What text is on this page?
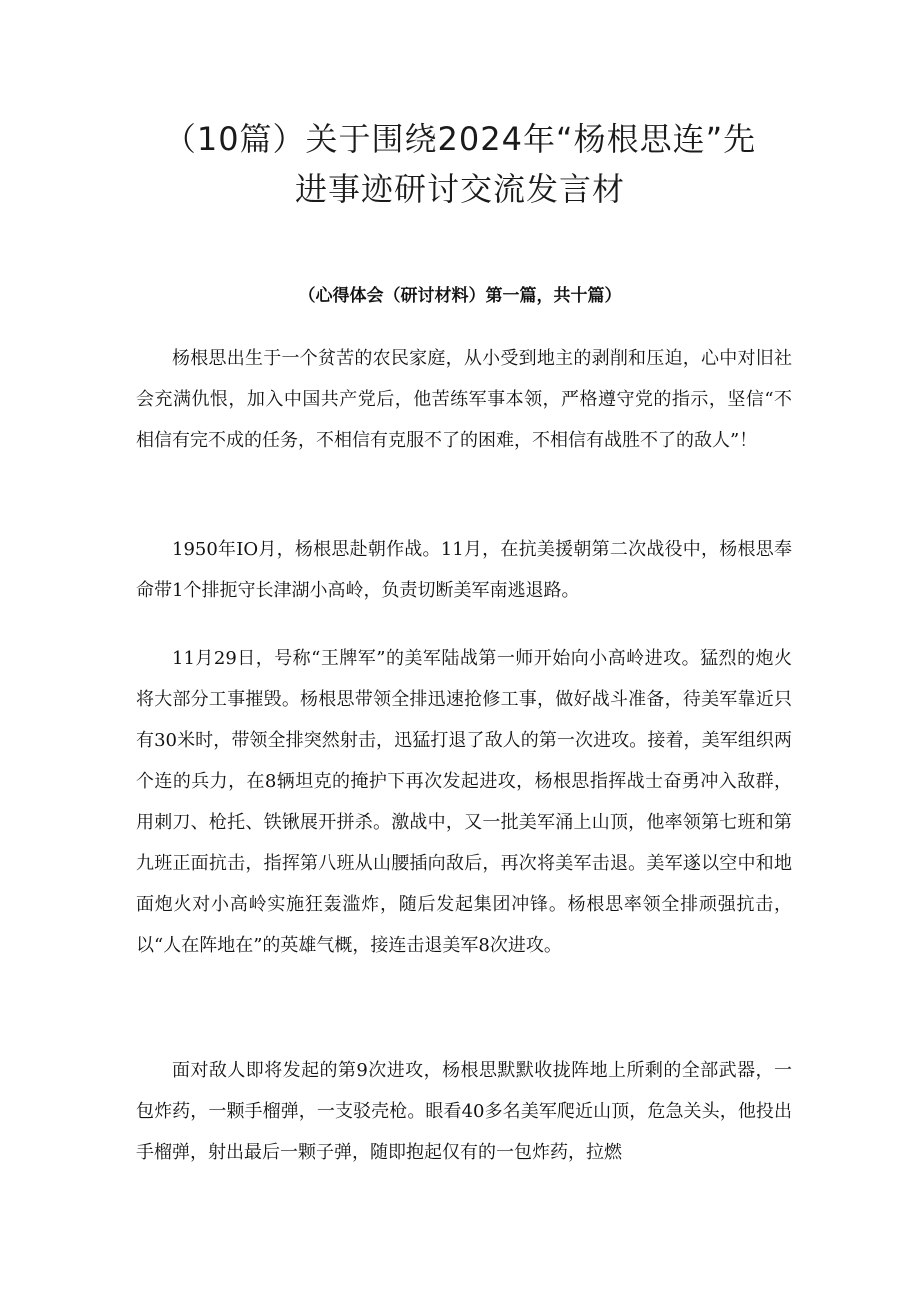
（10篇）关于围绕2024年“杨根思连”先
进事迹研讨交流发言材
（心得体会（研讨材料）第一篇，共十篇）

杨根思出生于一个贫苦的农民家庭，从小受到地主的剥削和压迫，心中对旧社会充满仇恨，加入中国共产党后，他苦练军事本领，严格遵守党的指示，坚信“不相信有完不成的任务，不相信有克服不了的困难，不相信有战胜不了的敌人”！

1950年IO月，杨根思赴朝作战。11月，在抗美援朝第二次战役中，杨根思奉命带1个排扼守长津湖小高岭，负责切断美军南逃退路。

11月29日，号称“王牌军”的美军陆战第一师开始向小高岭进攻。猛烈的炮火将大部分工事摧毁。杨根思带领全排迅速抢修工事，做好战斗准备，待美军靠近只有30米时，带领全排突然射击，迅猛打退了敌人的第一次进攻。接着，美军组织两个连的兵力，在8辆坦克的掩护下再次发起进攻，杨根思指挥战士奋勇冲入敌群，用刺刀、枪托、铁锹展开拼杀。激战中，又一批美军涌上山顶，他率领第七班和第九班正面抗击，指挥第八班从山腰插向敌后，再次将美军击退。美军遂以空中和地面炮火对小高岭实施狂轰滥炸，随后发起集团冲锋。杨根思率领全排顽强抗击，以“人在阵地在”的英雄气概，接连击退美军8次进攻。

面对敌人即将发起的第9次进攻，杨根思默默收拢阵地上所剩的全部武器，一包炸药，一颗手榴弹，一支驳壳枪。眼看40多名美军爬近山顶，危急关头，他投出手榴弹，射出最后一颗子弹，随即抱起仅有的一包炸药，拉燃
